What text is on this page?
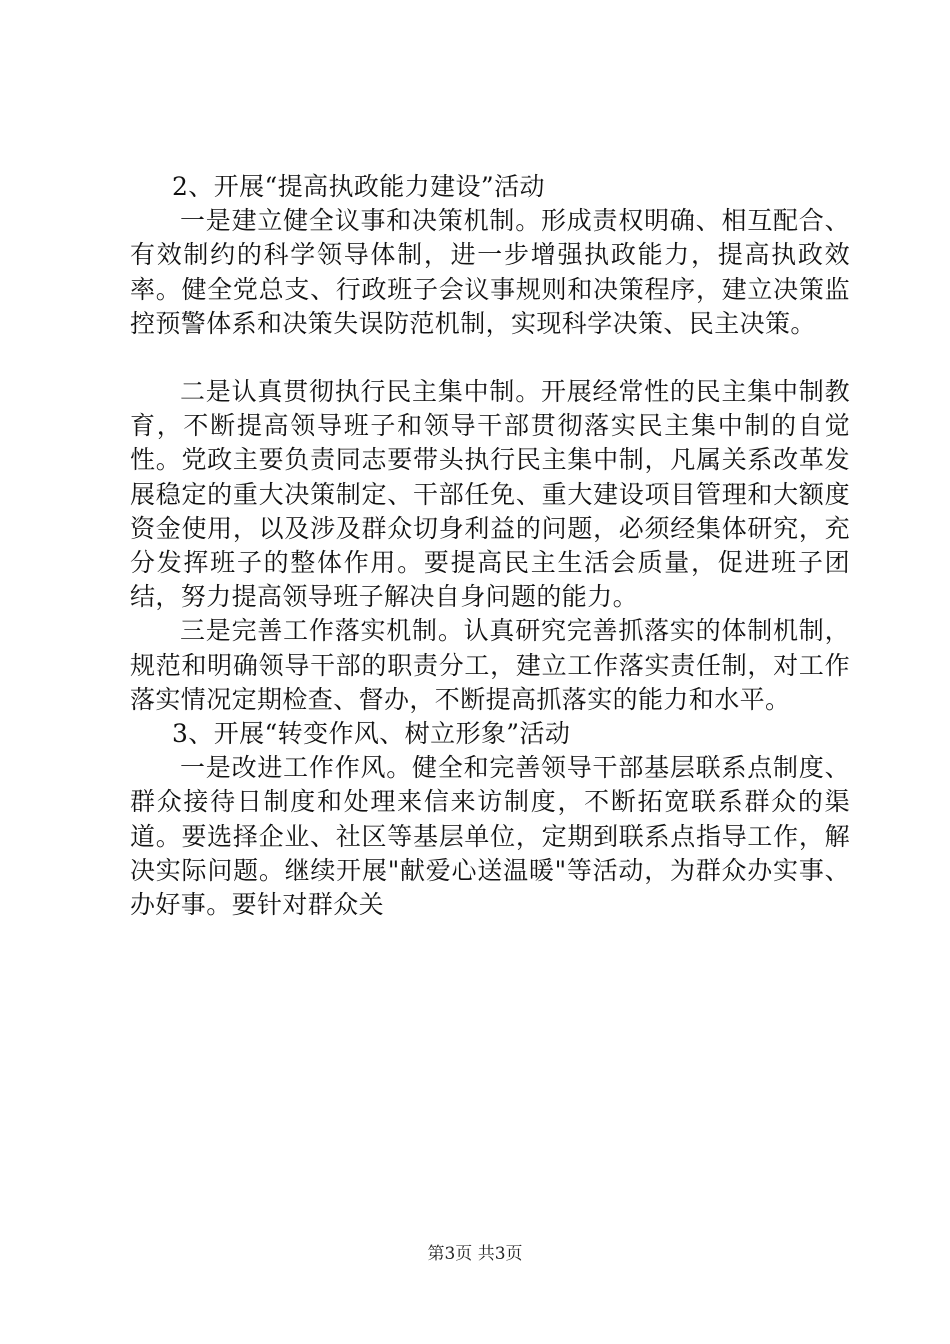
2、开展“提高执政能力建设”活动

一是建立健全议事和决策机制。形成责权明确、相互配合、有效制约的科学领导体制，进一步增强执政能力，提高执政效率。健全党总支、行政班子会议事规则和决策程序，建立决策监控预警体系和决策失误防范机制，实现科学决策、民主决策。

二是认真贯彻执行民主集中制。开展经常性的民主集中制教育，不断提高领导班子和领导干部贯彻落实民主集中制的自觉性。党政主要负责同志要带头执行民主集中制，凡属关系改革发展稳定的重大决策制定、干部任免、重大建设项目管理和大额度资金使用，以及涉及群众切身利益的问题，必须经集体研究，充分发挥班子的整体作用。要提高民主生活会质量，促进班子团结，努力提高领导班子解决自身问题的能力。

三是完善工作落实机制。认真研究完善抓落实的体制机制，规范和明确领导干部的职责分工，建立工作落实责任制，对工作落实情况定期检查、督办，不断提高抓落实的能力和水平。

3、开展“转变作风、树立形象”活动

一是改进工作作风。健全和完善领导干部基层联系点制度、群众接待日制度和处理来信来访制度，不断拓宽联系群众的渠道。要选择企业、社区等基层单位，定期到联系点指导工作，解决实际问题。继续开展"献爱心送温暖"等活动，为群众办实事、办好事。要针对群众关

第3页 共3页
